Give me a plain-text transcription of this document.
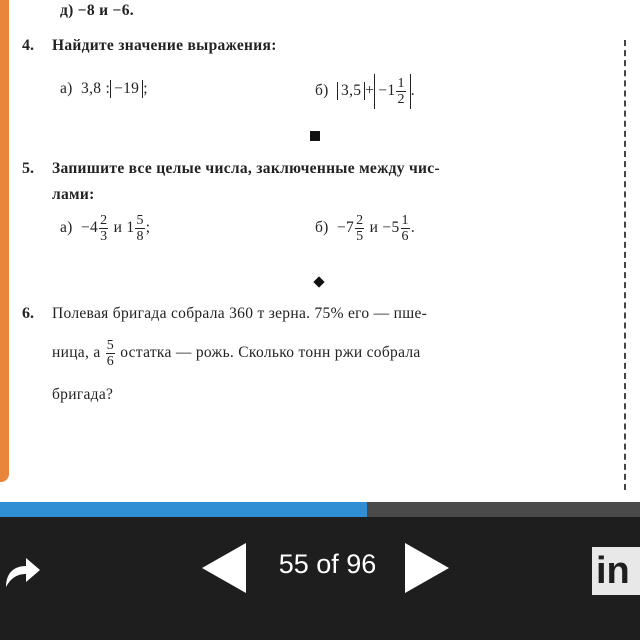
д) −8 и −6.
4. Найдите значение выражения:
а) 3,8 : −19 ;	б) $3,5 + -1 \frac{1}{2}$ .
5. Запишите все целые числа, заключенные между чис-
лами:
$а) -4 \frac{2}{3}$ и $1 \frac{5}{8}$ ;	$б) -7 \frac{2}{5}$ $и -5 \frac{1}{6}$ .
6. Полевая бригада собрала 360 т зерна. 75% его — пше-
ница, а $\frac{5}{6}$ остатка — рожь. Сколько тонн ржи собрала
бригада?
55 of 96	in
